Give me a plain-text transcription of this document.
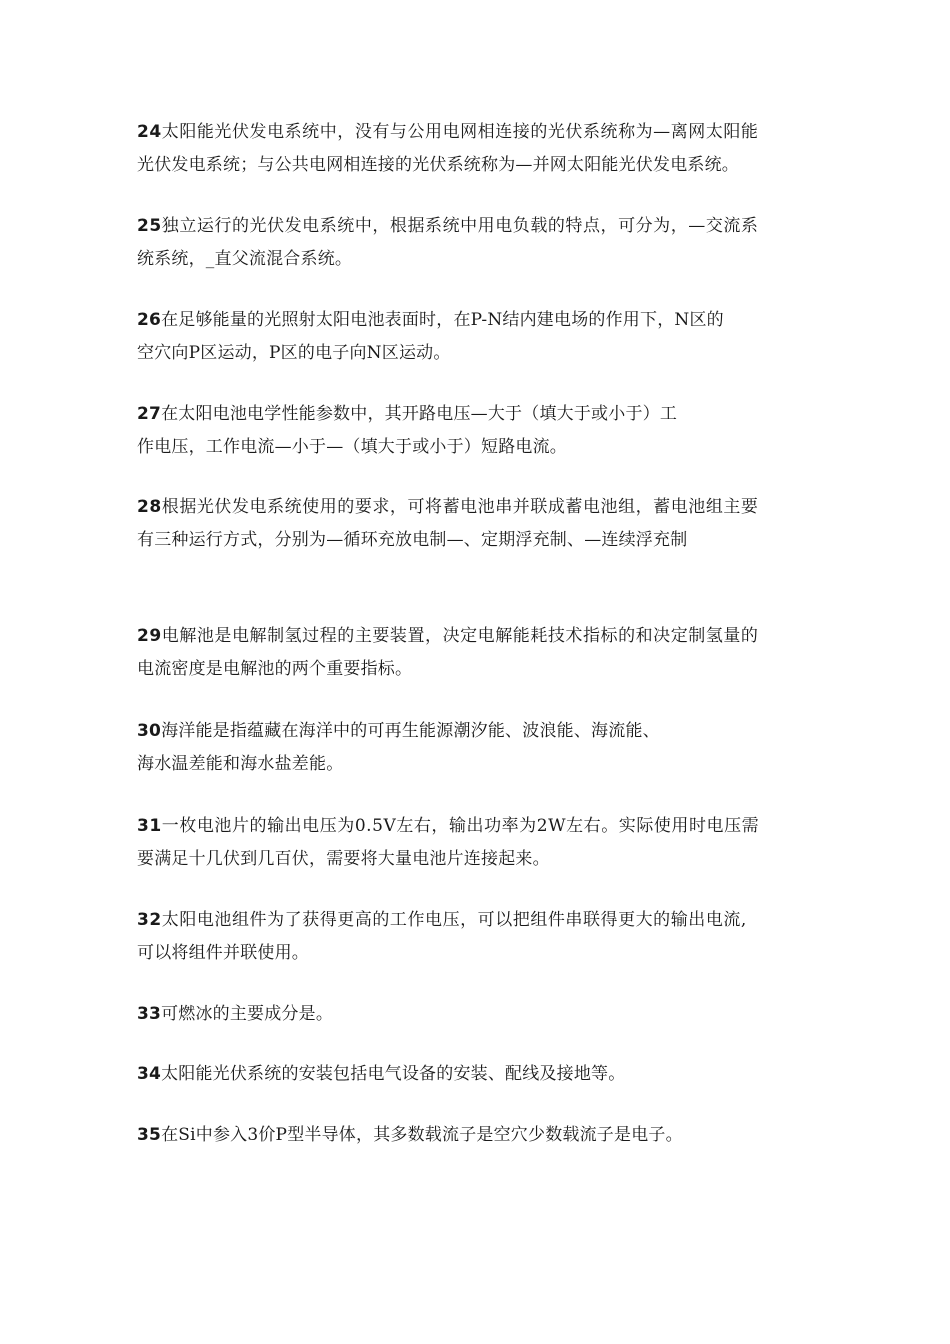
24太阳能光伏发电系统中，没有与公用电网相连接的光伏系统称为—离网太阳能
光伏发电系统；与公共电网相连接的光伏系统称为—并网太阳能光伏发电系统。
25独立运行的光伏发电系统中，根据系统中用电负载的特点，可分为，—交流系
统系统，_直父流混合系统。
26在足够能量的光照射太阳电池表面时，在P-N结内建电场的作用下，N区的
空穴向P区运动，P区的电子向N区运动。
27在太阳电池电学性能参数中，其开路电压—大于（填大于或小于）工
作电压，工作电流—小于—（填大于或小于）短路电流。
28根据光伏发电系统使用的要求，可将蓄电池串并联成蓄电池组，蓄电池组主要
有三种运行方式，分别为—循环充放电制—、定期浮充制、—连续浮充制
29电解池是电解制氢过程的主要装置，决定电解能耗技术指标的和决定制氢量的
电流密度是电解池的两个重要指标。
30海洋能是指蕴藏在海洋中的可再生能源潮汐能、波浪能、海流能、
海水温差能和海水盐差能。
31一枚电池片的输出电压为0.5V左右，输出功率为2W左右。实际使用时电压需
要满足十几伏到几百伏，需要将大量电池片连接起来。
32太阳电池组件为了获得更高的工作电压，可以把组件串联得更大的输出电流,
可以将组件并联使用。
33可燃冰的主要成分是。
34太阳能光伏系统的安装包括电气设备的安装、配线及接地等。
35在Si中参入3价P型半导体，其多数载流子是空穴少数载流子是电子。
